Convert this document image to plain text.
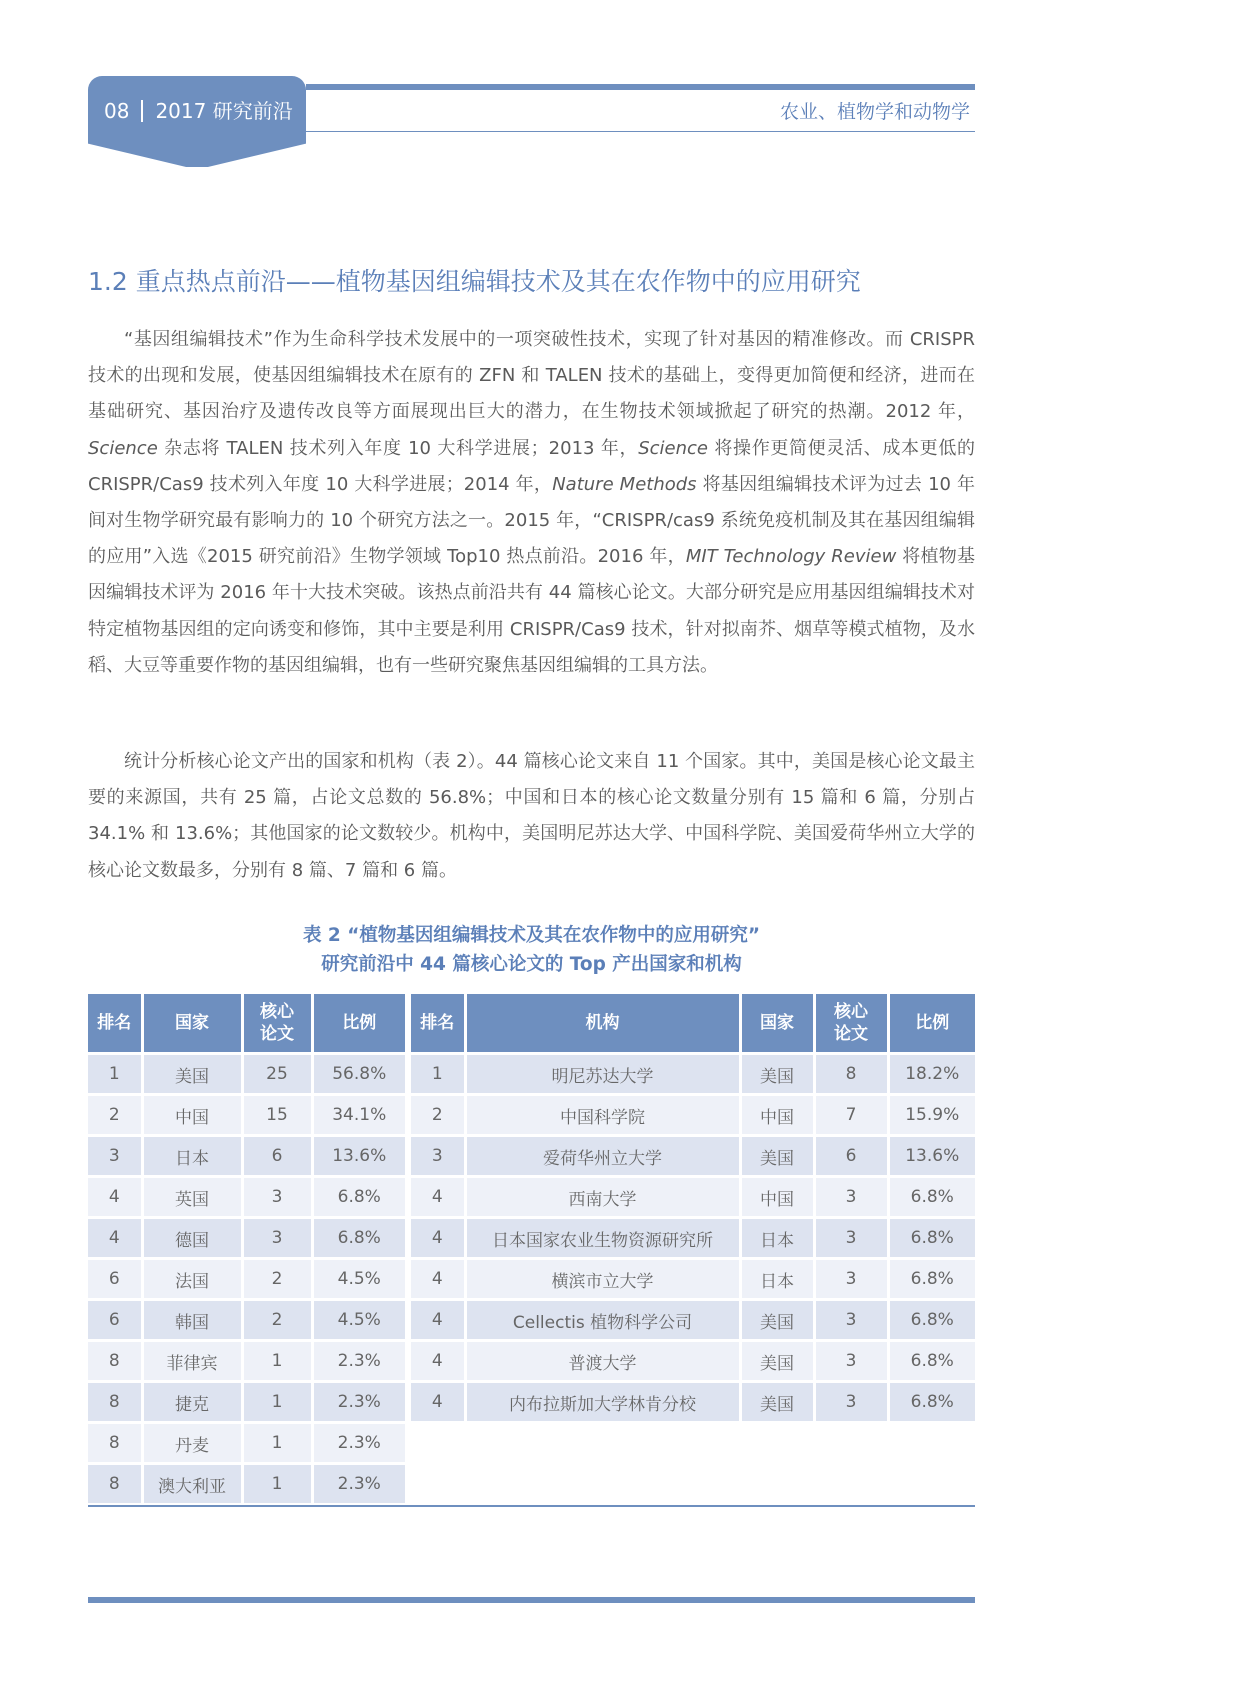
08 2017 研究前沿	农业、植物学和动物学
1.2 重点热点前沿——植物基因组编辑技术及其在农作物中的应用研究

“基因组编辑技术”作为生命科学技术发展中的一项突破性技术，实现了针对基因的精准修改。而 CRISPR 技术的出现和发展，使基因组编辑技术在原有的 ZFN 和 TALEN 技术的基础上，变得更加简便和经济，进而在基础研究、基因治疗及遗传改良等方面展现出巨大的潜力，在生物技术领域掀起了研究的热潮。2012 年，Science 杂志将 TALEN 技术列入年度 10 大科学进展；2013 年，Science 将操作更简便灵活、成本更低的 CRISPR/Cas9 技术列入年度 10 大科学进展；2014 年，Nature Methods 将基因组编辑技术评为过去 10 年间对生物学研究最有影响力的 10 个研究方法之一。2015 年，“CRISPR/cas9 系统免疫机制及其在基因组编辑的应用”入选《2015 研究前沿》生物学领域 Top10 热点前沿。2016 年，MIT Technology Review 将植物基因编辑技术评为 2016 年十大技术突破。该热点前沿共有 44 篇核心论文。大部分研究是应用基因组编辑技术对特定植物基因组的定向诱变和修饰，其中主要是利用 CRISPR/Cas9 技术，针对拟南芥、烟草等模式植物，及水稻、大豆等重要作物的基因组编辑，也有一些研究聚焦基因组编辑的工具方法。

统计分析核心论文产出的国家和机构（表 2）。44 篇核心论文来自 11 个国家。其中，美国是核心论文最主要的来源国，共有 25 篇，占论文总数的 56.8%；中国和日本的核心论文数量分别有 15 篇和 6 篇，分别占 34.1% 和 13.6%；其他国家的论文数较少。机构中，美国明尼苏达大学、中国科学院、美国爱荷华州立大学的核心论文数最多，分别有 8 篇、7 篇和 6 篇。

表 2 “植物基因组编辑技术及其在农作物中的应用研究”
研究前沿中 44 篇核心论文的 Top 产出国家和机构
排名	国家	核心论文	比例
1	美国	25	56.8%
2	中国	15	34.1%
3	日本	6	13.6%
4	英国	3	6.8%
4	德国	3	6.8%
6	法国	2	4.5%
6	韩国	2	4.5%
8	菲律宾	1	2.3%
8	捷克	1	2.3%
8	丹麦	1	2.3%
8	澳大利亚	1	2.3%
排名	机构	国家	核心论文	比例
1	明尼苏达大学	美国	8	18.2%
2	中国科学院	中国	7	15.9%
3	爱荷华州立大学	美国	6	13.6%
4	西南大学	中国	3	6.8%
4	日本国家农业生物资源研究所	日本	3	6.8%
4	横滨市立大学	日本	3	6.8%
4	Cellectis 植物科学公司	美国	3	6.8%
4	普渡大学	美国	3	6.8%
4	内布拉斯加大学林肯分校	美国	3	6.8%
